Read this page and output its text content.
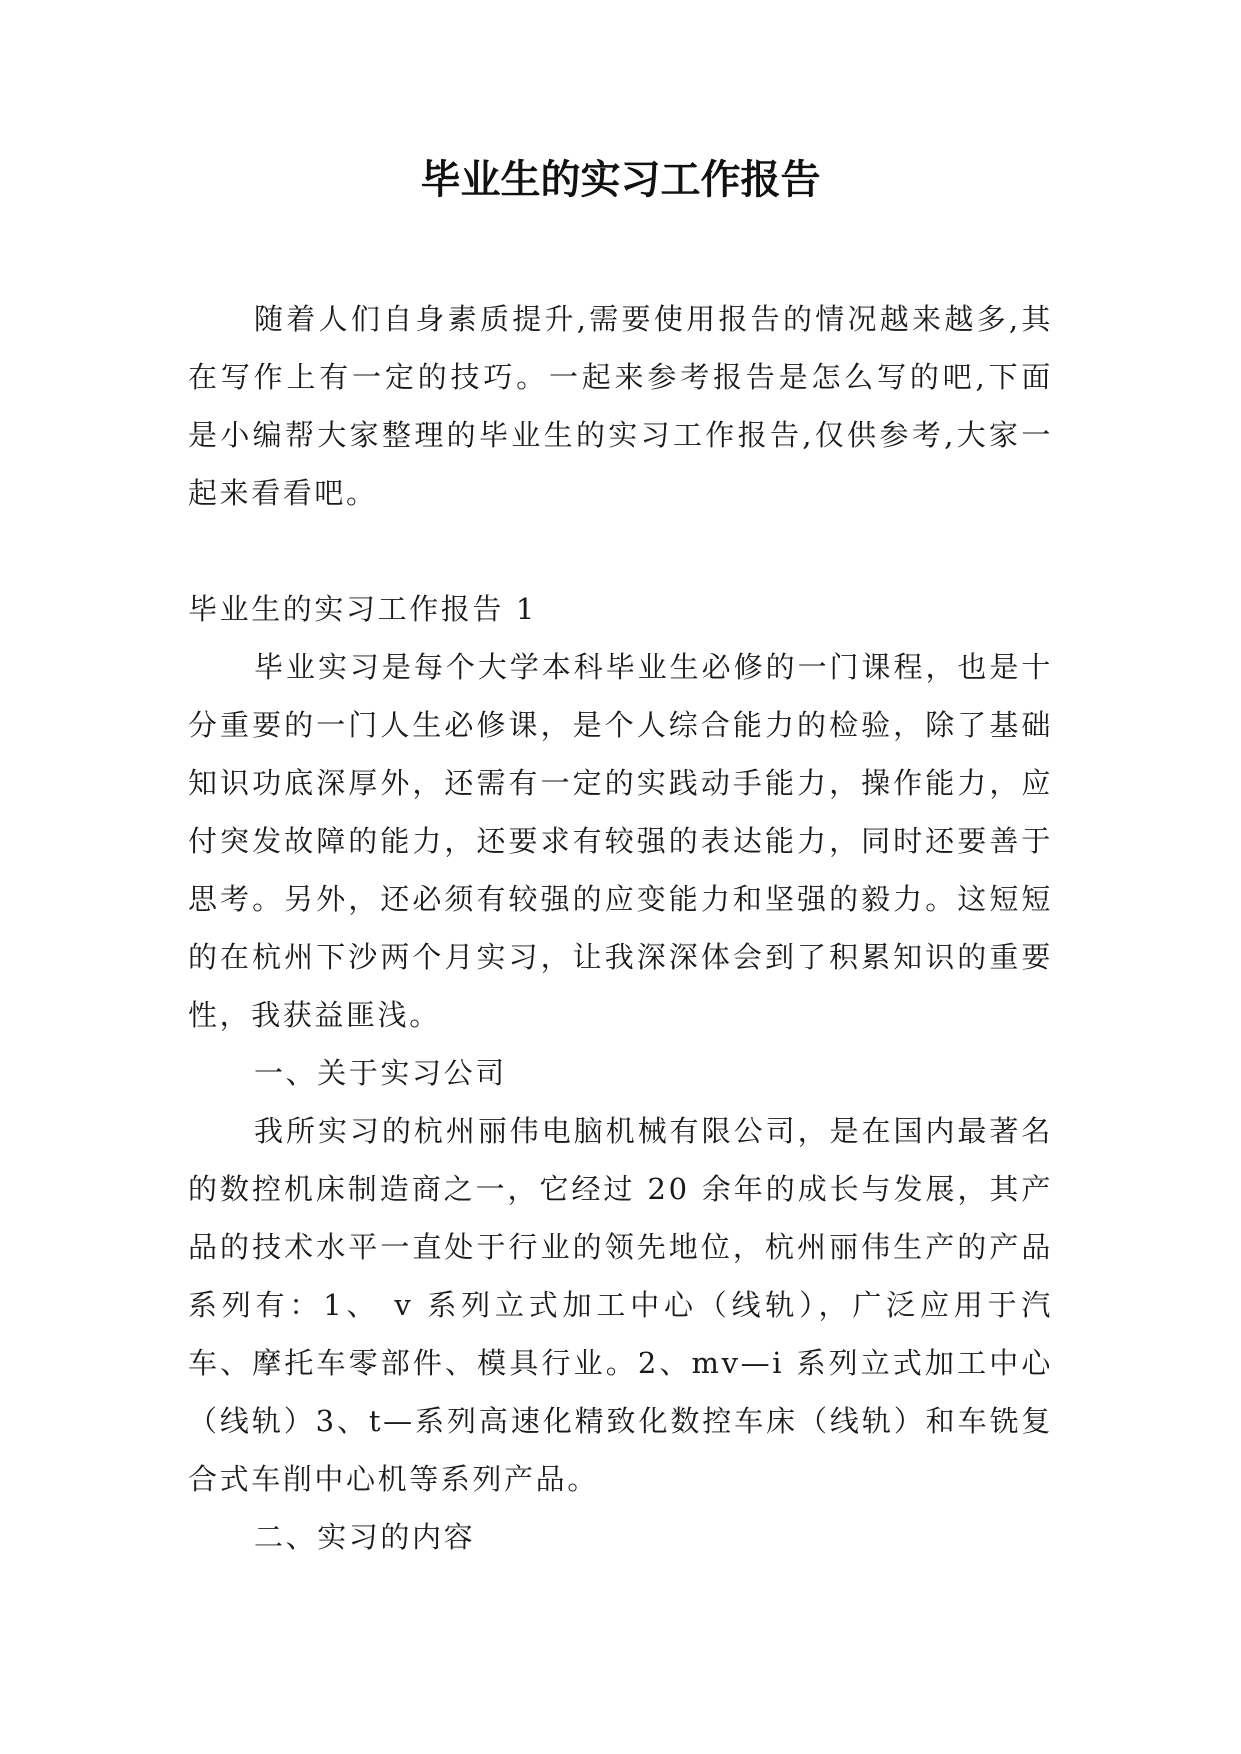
毕业生的实习工作报告

随着人们自身素质提升,需要使用报告的情况越来越多,其在写作上有一定的技巧。一起来参考报告是怎么写的吧,下面是小编帮大家整理的毕业生的实习工作报告,仅供参考,大家一起来看看吧。

毕业生的实习工作报告 1

毕业实习是每个大学本科毕业生必修的一门课程，也是十分重要的一门人生必修课，是个人综合能力的检验，除了基础知识功底深厚外，还需有一定的实践动手能力，操作能力，应付突发故障的能力，还要求有较强的表达能力，同时还要善于思考。另外，还必须有较强的应变能力和坚强的毅力。这短短的在杭州下沙两个月实习，让我深深体会到了积累知识的重要性，我获益匪浅。

一、关于实习公司

我所实习的杭州丽伟电脑机械有限公司，是在国内最著名的数控机床制造商之一，它经过 20 余年的成长与发展，其产品的技术水平一直处于行业的领先地位，杭州丽伟生产的产品系列有：1、 v 系列立式加工中心（线轨），广泛应用于汽车、摩托车零部件、模具行业。2、mv—i 系列立式加工中心（线轨）3、t—系列高速化精致化数控车床（线轨）和车铣复合式车削中心机等系列产品。

二、实习的内容
